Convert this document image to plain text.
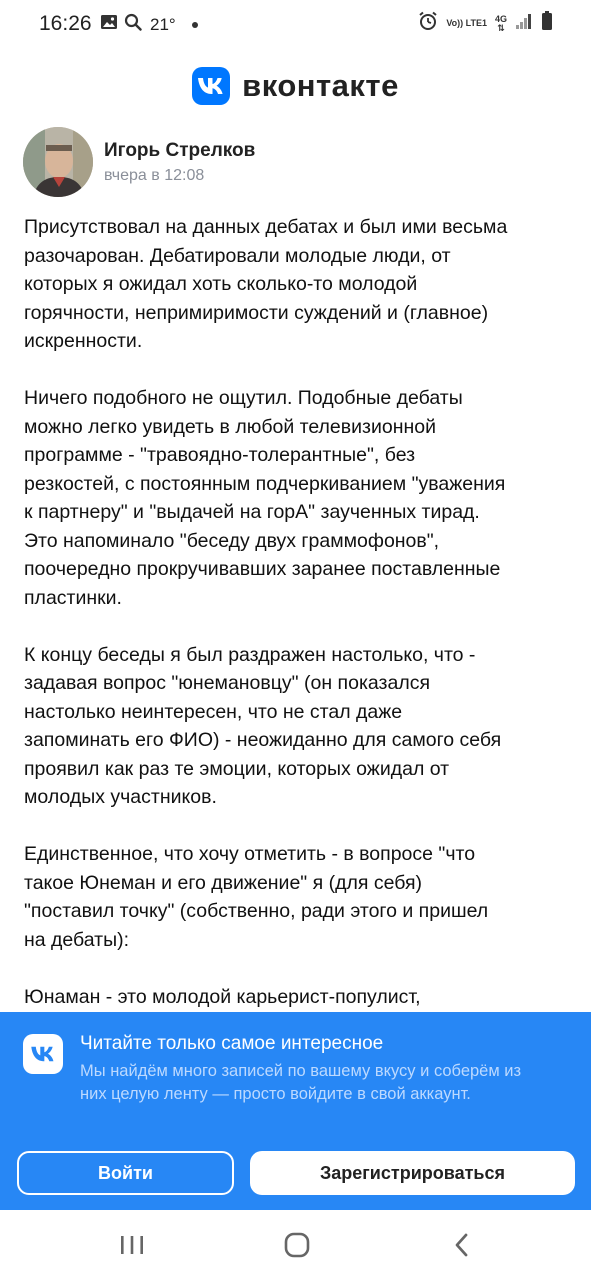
16:26	21°	Vo)) LTE1 4G
⇅
вконтакте
Игорь Стрелков
вчера в 12:08

Присутствовал на данных дебатах и был ими весьма
разочарован. Дебатировали молодые люди, от
которых я ожидал хоть сколько-то молодой
горячности, непримиримости суждений и (главное)
искренности.

Ничего подобного не ощутил. Подобные дебаты
можно легко увидеть в любой телевизионной
программе - "травоядно-толерантные", без
резкостей, с постоянным подчеркиванием "уважения
к партнеру" и "выдачей на горА" заученных тирад.
Это напоминало "беседу двух граммофонов",
поочередно прокручивавших заранее поставленные
пластинки.

К концу беседы я был раздражен настолько, что -
задавая вопрос "юнемановцу" (он показался
настолько неинтересен, что не стал даже
запоминать его ФИО) - неожиданно для самого себя
проявил как раз те эмоции, которых ожидал от
молодых участников.

Единственное, что хочу отметить - в вопросе "что
такое Юнеман и его движение" я (для себя)
"поставил точку" (собственно, ради этого и пришел
на дебаты):

Юнаман - это молодой карьерист-популист,

Читайте только самое интересное
Мы найдём много записей по вашему вкусу и соберём из них целую ленту — просто войдите в свой аккаунт.
Войти	Зарегистрироваться
